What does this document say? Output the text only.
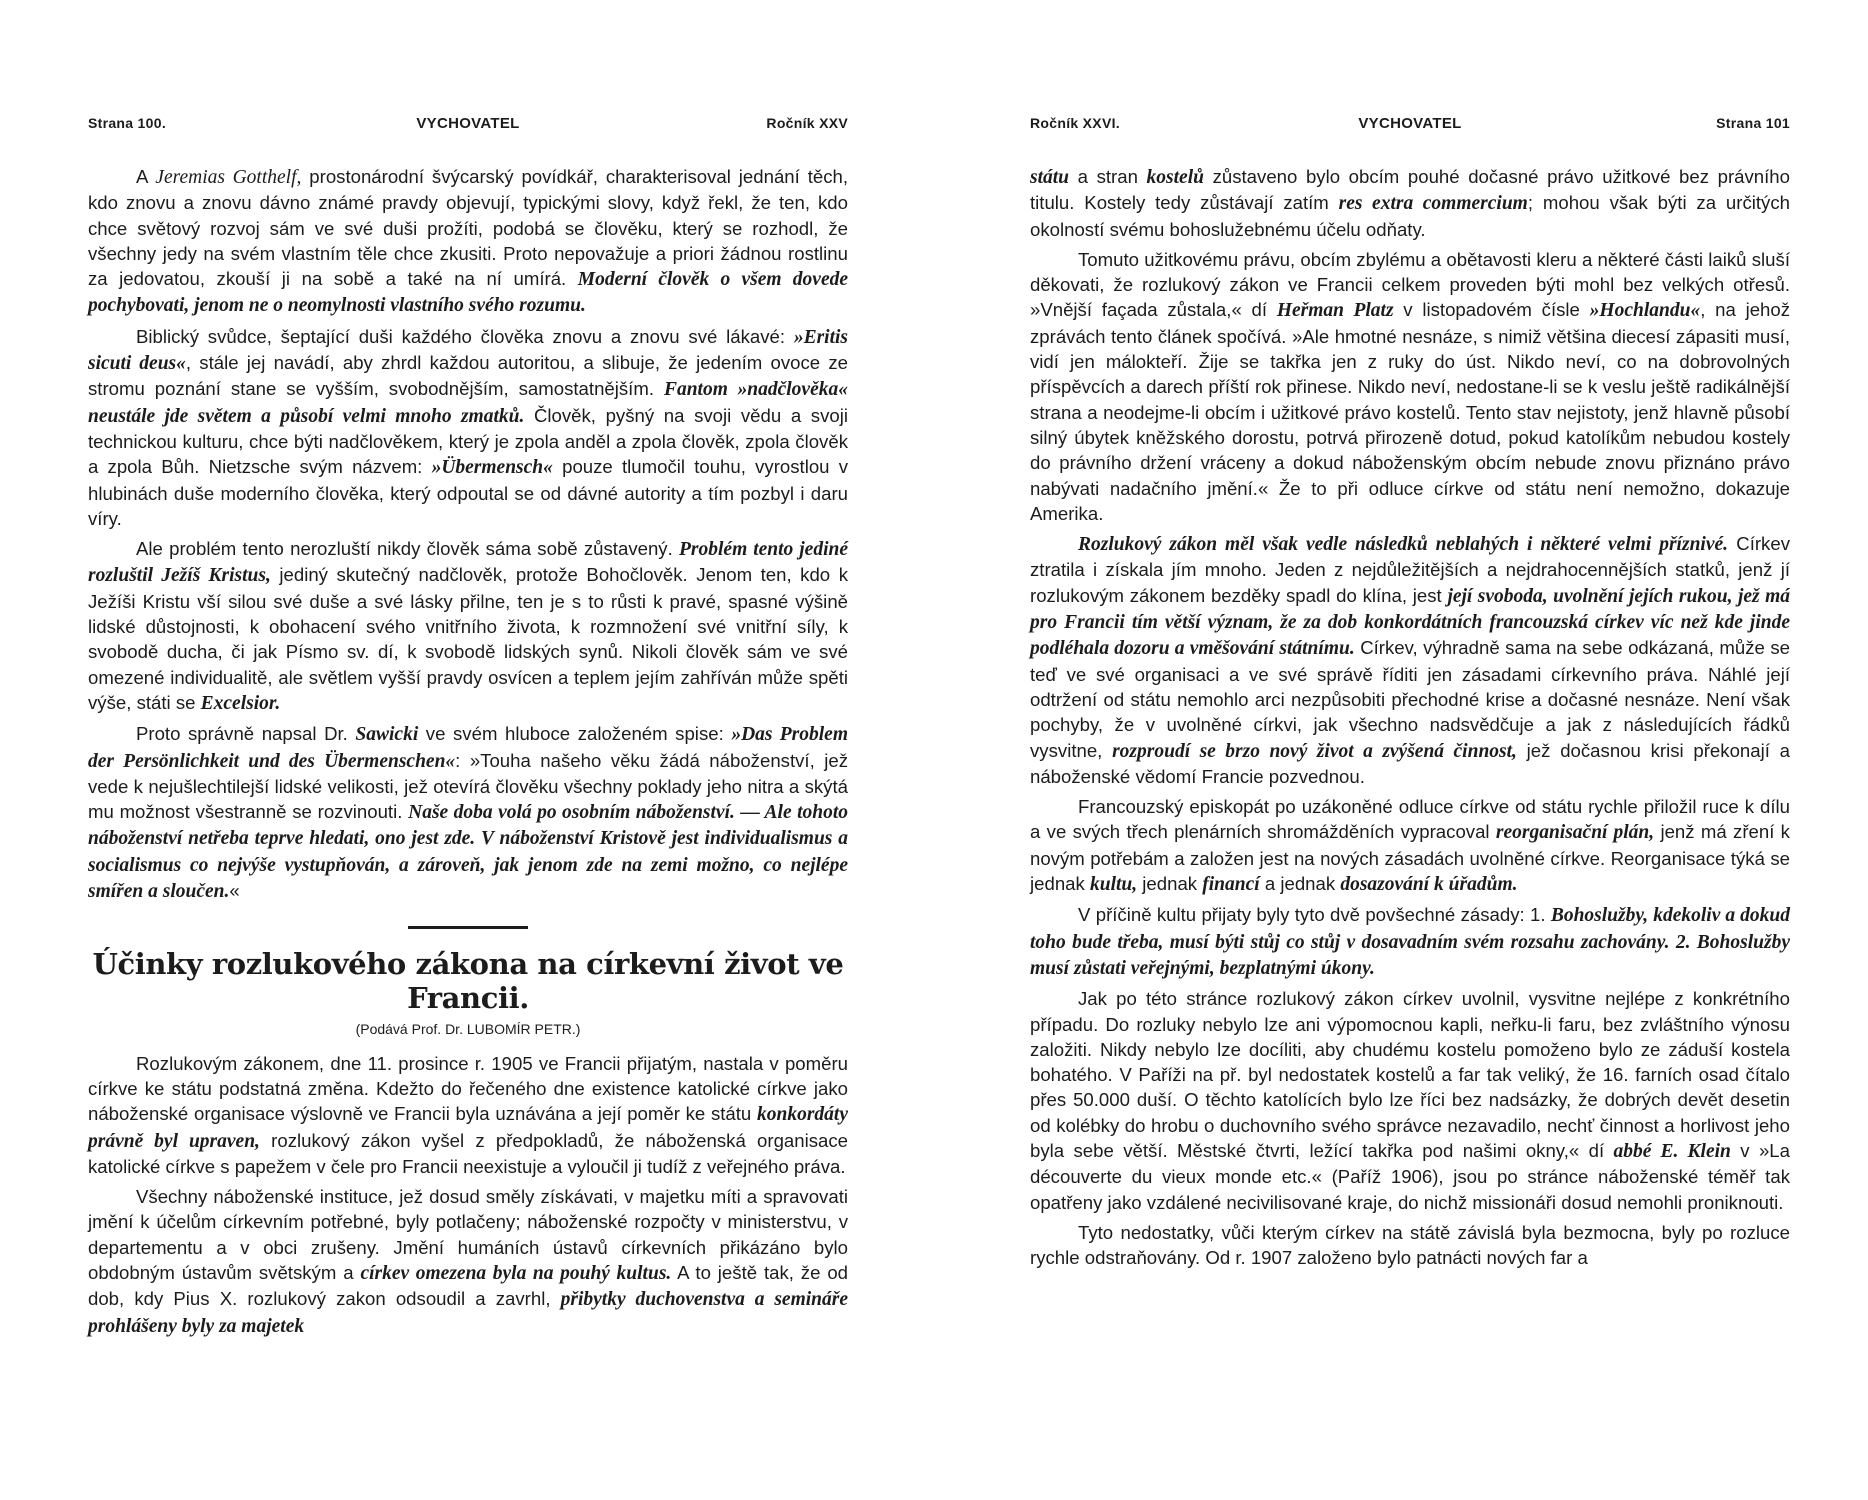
Strana 100.	VYCHOVATEL	Ročník XXV

A Jeremias Gotthelf, prostonárodní švýcarský povídkář, charakterisoval jednání těch, kdo znovu a znovu dávno známé pravdy objevují, typickými slovy, když řekl, že ten, kdo chce světový rozvoj sám ve své duši prožíti, podobá se člověku, který se rozhodl, že všechny jedy na svém vlastním těle chce zkusiti. Proto nepovažuje a priori žádnou rostlinu za jedovatou, zkouší ji na sobě a také na ní umírá. Moderní člověk o všem dovede pochybovati, jenom ne o neomylnosti vlastního svého rozumu.

Biblický svůdce, šeptající duši každého člověka znovu a znovu své lákavé: »Eritis sicuti deus«, stále jej navádí, aby zhrdl každou autoritou, a slibuje, že jedením ovoce ze stromu poznání stane se vyšším, svobodnějším, samostatnějším. Fantom »nadčlověka« neustále jde světem a působí velmi mnoho zmatků. Člověk, pyšný na svoji vědu a svoji technickou kulturu, chce býti nadčlověkem, který je zpola anděl a zpola člověk, zpola člověk a zpola Bůh. Nietzsche svým názvem: »Übermensch« pouze tlumočil touhu, vyrostlou v hlubinách duše moderního člověka, který odpoutal se od dávné autority a tím pozbyl i daru víry.

Ale problém tento nerozluští nikdy člověk sáma sobě zůstavený. Problém tento jediné rozluštil Ježíš Kristus, jediný skutečný nadčlověk, protože Bohočlověk. Jenom ten, kdo k Ježíši Kristu vší silou své duše a své lásky přilne, ten je s to růsti k pravé, spasné výšině lidské důstojnosti, k obohacení svého vnitřního života, k rozmnožení své vnitřní síly, k svobodě ducha, či jak Písmo sv. dí, k svobodě lidských synů. Nikoli člověk sám ve své omezené individualitě, ale světlem vyšší pravdy osvícen a teplem jejím zahříván může spěti výše, státi se Excelsior.

Proto správně napsal Dr. Sawicki ve svém hluboce založeném spise: »Das Problem der Persönlichkeit und des Übermenschen«: »Touha našeho věku žádá náboženství, jež vede k nejušlechtilejší lidské velikosti, jež otevírá člověku všechny poklady jeho nitra a skýtá mu možnost všestranně se rozvinouti. Naše doba volá po osobním náboženství. — Ale tohoto náboženství netřeba teprve hledati, ono jest zde. V náboženství Kristově jest individualismus a socialismus co nejvýše vystupňován, a zároveň, jak jenom zde na zemi možno, co nejlépe smířen a sloučen.«

Účinky rozlukového zákona na církevní život ve Francii.
(Podává Prof. Dr. LUBOMÍR PETR.)

Rozlukovým zákonem, dne 11. prosince r. 1905 ve Francii přijatým, nastala v poměru církve ke státu podstatná změna. Kdežto do řečeného dne existence katolické církve jako náboženské organisace výslovně ve Francii byla uznávána a její poměr ke státu konkordáty právně byl upraven, rozlukový zákon vyšel z předpokladů, že náboženská organisace katolické církve s papežem v čele pro Francii neexistuje a vyloučil ji tudíž z veřejného práva.

Všechny náboženské instituce, jež dosud směly získávati, v majetku míti a spravovati jmění k účelům církevním potřebné, byly potlačeny; náboženské rozpočty v ministerstvu, v departementu a v obci zrušeny. Jmění humáních ústavů církevních přikázáno bylo obdobným ústavům světským a církev omezena byla na pouhý kultus. A to ještě tak, že od dob, kdy Pius X. rozlukový zakon odsoudil a zavrhl, přibytky duchovenstva a semináře prohlášeny byly za majetek

Ročník XXVI.	VYCHOVATEL	Strana 101

státu a stran kostelů zůstaveno bylo obcím pouhé dočasné právo užitkové bez právního titulu. Kostely tedy zůstávají zatím res extra commercium; mohou však býti za určitých okolností svému bohoslužebnému účelu odňaty.

Tomuto užitkovému právu, obcím zbylému a obětavosti kleru a některé části laiků sluší děkovati, že rozlukový zákon ve Francii celkem proveden býti mohl bez velkých otřesů. »Vnější façada zůstala,« dí Heřman Platz v listopadovém čísle »Hochlandu«, na jehož zprávách tento článek spočívá. »Ale hmotné nesnáze, s nimiž většina diecesí zápasiti musí, vidí jen málokteří. Žije se takřka jen z ruky do úst. Nikdo neví, co na dobrovolných příspěvcích a darech příští rok přinese. Nikdo neví, nedostane-li se k veslu ještě radikálnější strana a neodejme-li obcím i užitkové právo kostelů. Tento stav nejistoty, jenž hlavně působí silný úbytek kněžského dorostu, potrvá přirozeně dotud, pokud katolíkům nebudou kostely do právního držení vráceny a dokud náboženským obcím nebude znovu přiznáno právo nabývati nadačního jmění.« Že to při odluce církve od státu není nemožno, dokazuje Amerika.

Rozlukový zákon měl však vedle následků neblahých i některé velmi příznivé. Církev ztratila i získala jím mnoho. Jeden z nejdůležitějších a nejdrahocennějších statků, jenž jí rozlukovým zákonem bezděky spadl do klína, jest její svoboda, uvolnění jejích rukou, jež má pro Francii tím větší význam, že za dob konkordátních francouzská církev víc než kde jinde podléhala dozoru a vměšování státnímu. Církev, výhradně sama na sebe odkázaná, může se teď ve své organisaci a ve své správě říditi jen zásadami církevního práva. Náhlé její odtržení od státu nemohlo arci nezpůsobiti přechodné krise a dočasné nesnáze. Není však pochyby, že v uvolněné církvi, jak všechno nadsvědčuje a jak z následujících řádků vysvitne, rozproudí se brzo nový život a zvýšená činnost, jež dočasnou krisi překonají a náboženské vědomí Francie pozvednou.

Francouzský episkopát po uzákoněné odluce církve od státu rychle přiložil ruce k dílu a ve svých třech plenárních shromážděních vypracoval reorganisační plán, jenž má zření k novým potřebám a založen jest na nových zásadách uvolněné církve. Reorganisace týká se jednak kultu, jednak financí a jednak dosazování k úřadům.

V příčině kultu přijaty byly tyto dvě povšechné zásady: 1. Bohoslužby, kdekoliv a dokud toho bude třeba, musí býti stůj co stůj v dosavadním svém rozsahu zachovány. 2. Bohoslužby musí zůstati veřejnými, bezplatnými úkony.

Jak po této stránce rozlukový zákon církev uvolnil, vysvitne nejlépe z konkrétního případu. Do rozluky nebylo lze ani výpomocnou kapli, neřku-li faru, bez zvláštního výnosu založiti. Nikdy nebylo lze docíliti, aby chudému kostelu pomoženo bylo ze záduší kostela bohatého. V Paříži na př. byl nedostatek kostelů a far tak veliký, že 16. farních osad čítalo přes 50.000 duší. O těchto katolících bylo lze říci bez nadsázky, že dobrých devět desetin od kolébky do hrobu o duchovního svého správce nezavadilo, nechť činnost a horlivost jeho byla sebe větší. Městské čtvrti, ležící takřka pod našimi okny,« dí abbé E. Klein v »La découverte du vieux monde etc.« (Paříž 1906), jsou po stránce náboženské téměř tak opatřeny jako vzdálené necivilisované kraje, do nichž missionáři dosud nemohli proniknouti.

Tyto nedostatky, vůči kterým církev na státě závislá byla bezmocna, byly po rozluce rychle odstraňovány. Od r. 1907 založeno bylo patnácti nových far a
